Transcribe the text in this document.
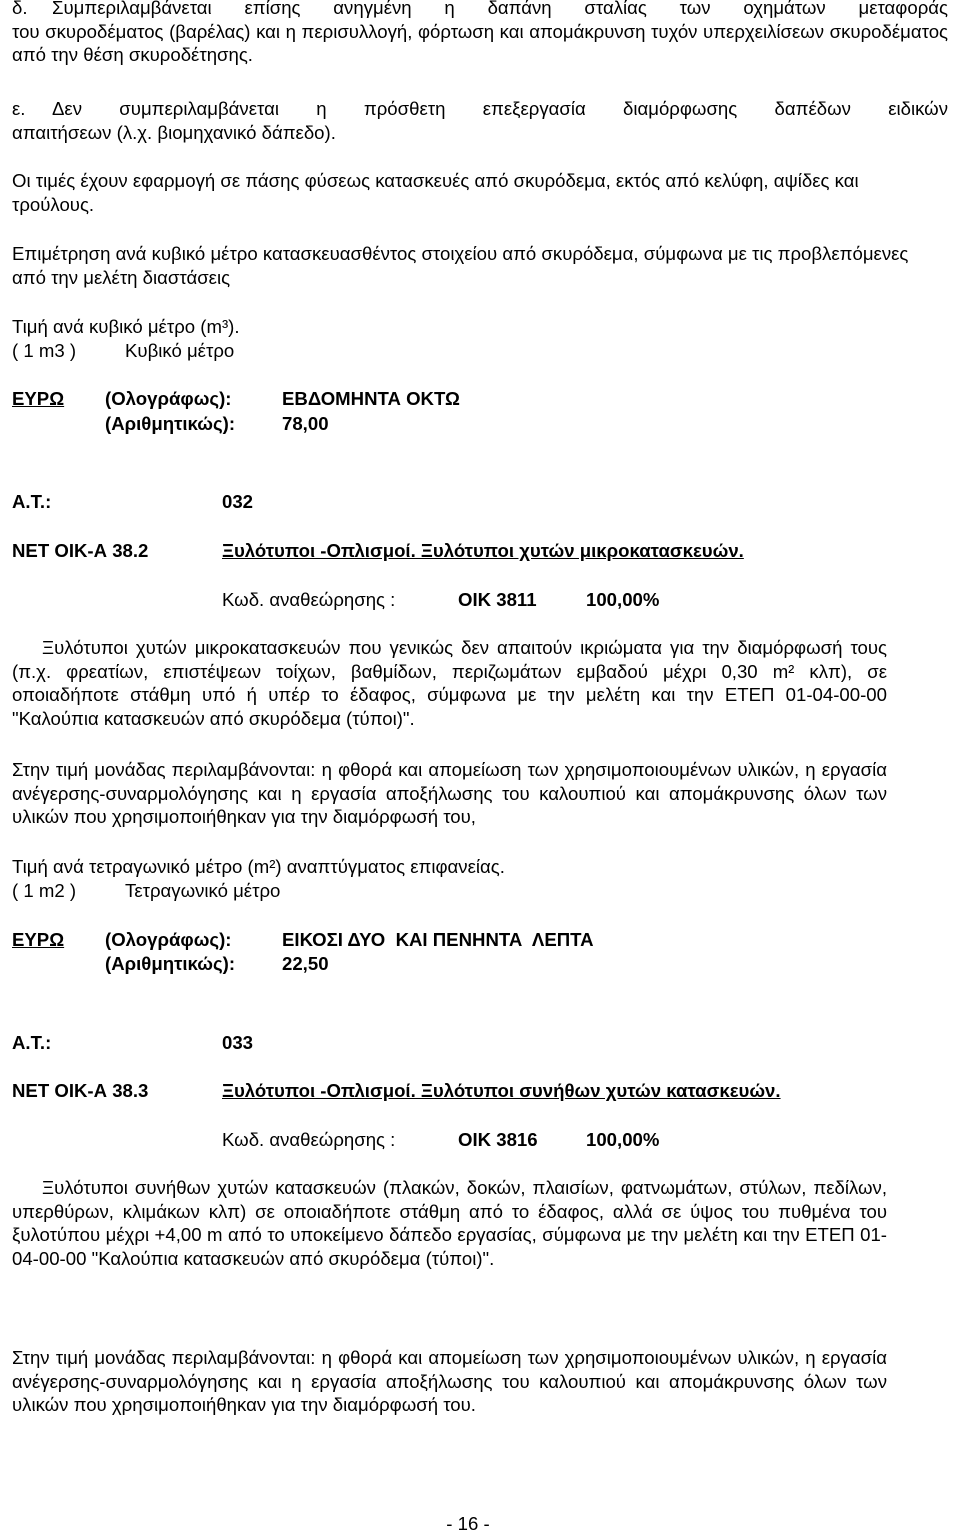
δ.	Συμπεριλαμβάνεται επίσης ανηγμένη η δαπάνη σταλίας των οχημάτων μεταφοράς
του σκυροδέματος (βαρέλας) και η περισυλλογή, φόρτωση και απομάκρυνση τυχόν υπερχειλίσεων σκυροδέματος από την θέση σκυροδέτησης.
ε.	Δεν συμπεριλαμβάνεται η πρόσθετη επεξεργασία διαμόρφωσης δαπέδων ειδικών
απαιτήσεων (λ.χ. βιομηχανικό δάπεδο).
Οι τιμές έχουν εφαρμογή σε πάσης φύσεως κατασκευές από σκυρόδεμα, εκτός από κελύφη, αψίδες και τρούλους.
Επιμέτρηση ανά κυβικό μέτρο κατασκευασθέντος στοιχείου από σκυρόδεμα, σύμφωνα με τις προβλεπόμενες από την μελέτη διαστάσεις
Τιμή ανά κυβικό μέτρο (m³).
( 1 m3 )	Κυβικό μέτρο
ΕΥΡΩ (Ολογράφως):	ΕΒΔΟΜΗΝΤΑ ΟΚΤΩ
(Αριθμητικώς):	78,00
Α.Τ.:	032
ΝΕΤ ΟΙΚ-Α 38.2	Ξυλότυποι -Οπλισμοί. Ξυλότυποι χυτών μικροκατασκευών.
Κωδ. αναθεώρησης :	ΟΙΚ 3811	100,00%
Ξυλότυποι χυτών μικροκατασκευών που γενικώς δεν απαιτούν ικριώματα για την διαμόρφωσή τους (π.χ. φρεατίων, επιστέψεων τοίχων, βαθμίδων, περιζωμάτων εμβαδού μέχρι 0,30 m² κλπ), σε οποιαδήποτε στάθμη υπό ή υπέρ το έδαφος, σύμφωνα με την μελέτη και την ΕΤΕΠ 01-04-00-00 "Καλούπια κατασκευών από σκυρόδεμα (τύποι)".
Στην τιμή μονάδας περιλαμβάνονται: η φθορά και απομείωση των χρησιμοποιουμένων υλικών, η εργασία ανέγερσης-συναρμολόγησης και η εργασία αποξήλωσης του καλουπιού και απομάκρυνσης όλων των υλικών που χρησιμοποιήθηκαν για την διαμόρφωσή του,
Τιμή ανά τετραγωνικό μέτρο (m²) αναπτύγματος επιφανείας.
( 1 m2 )	Τετραγωνικό μέτρο
ΕΥΡΩ (Ολογράφως):	ΕΙΚΟΣΙ ΔΥΟ  ΚΑΙ ΠΕΝΗΝΤΑ  ΛΕΠΤΑ
(Αριθμητικώς):	22,50
Α.Τ.:	033
ΝΕΤ ΟΙΚ-Α 38.3	Ξυλότυποι -Οπλισμοί. Ξυλότυποι συνήθων χυτών κατασκευών.
Κωδ. αναθεώρησης :	ΟΙΚ 3816	100,00%
Ξυλότυποι συνήθων χυτών κατασκευών (πλακών, δοκών, πλαισίων, φατνωμάτων, στύλων, πεδίλων, υπερθύρων, κλιμάκων κλπ) σε οποιαδήποτε στάθμη από το έδαφος, αλλά σε ύψος του πυθμένα του ξυλοτύπου μέχρι +4,00 m από το υποκείμενο δάπεδο εργασίας, σύμφωνα με την μελέτη και την ΕΤΕΠ 01-04-00-00 "Καλούπια κατασκευών από σκυρόδεμα (τύποι)".
Στην τιμή μονάδας περιλαμβάνονται: η φθορά και απομείωση των χρησιμοποιουμένων υλικών, η εργασία ανέγερσης-συναρμολόγησης και η εργασία αποξήλωσης του καλουπιού και απομάκρυνσης όλων των υλικών που χρησιμοποιήθηκαν για την διαμόρφωσή του.
- 16 -
